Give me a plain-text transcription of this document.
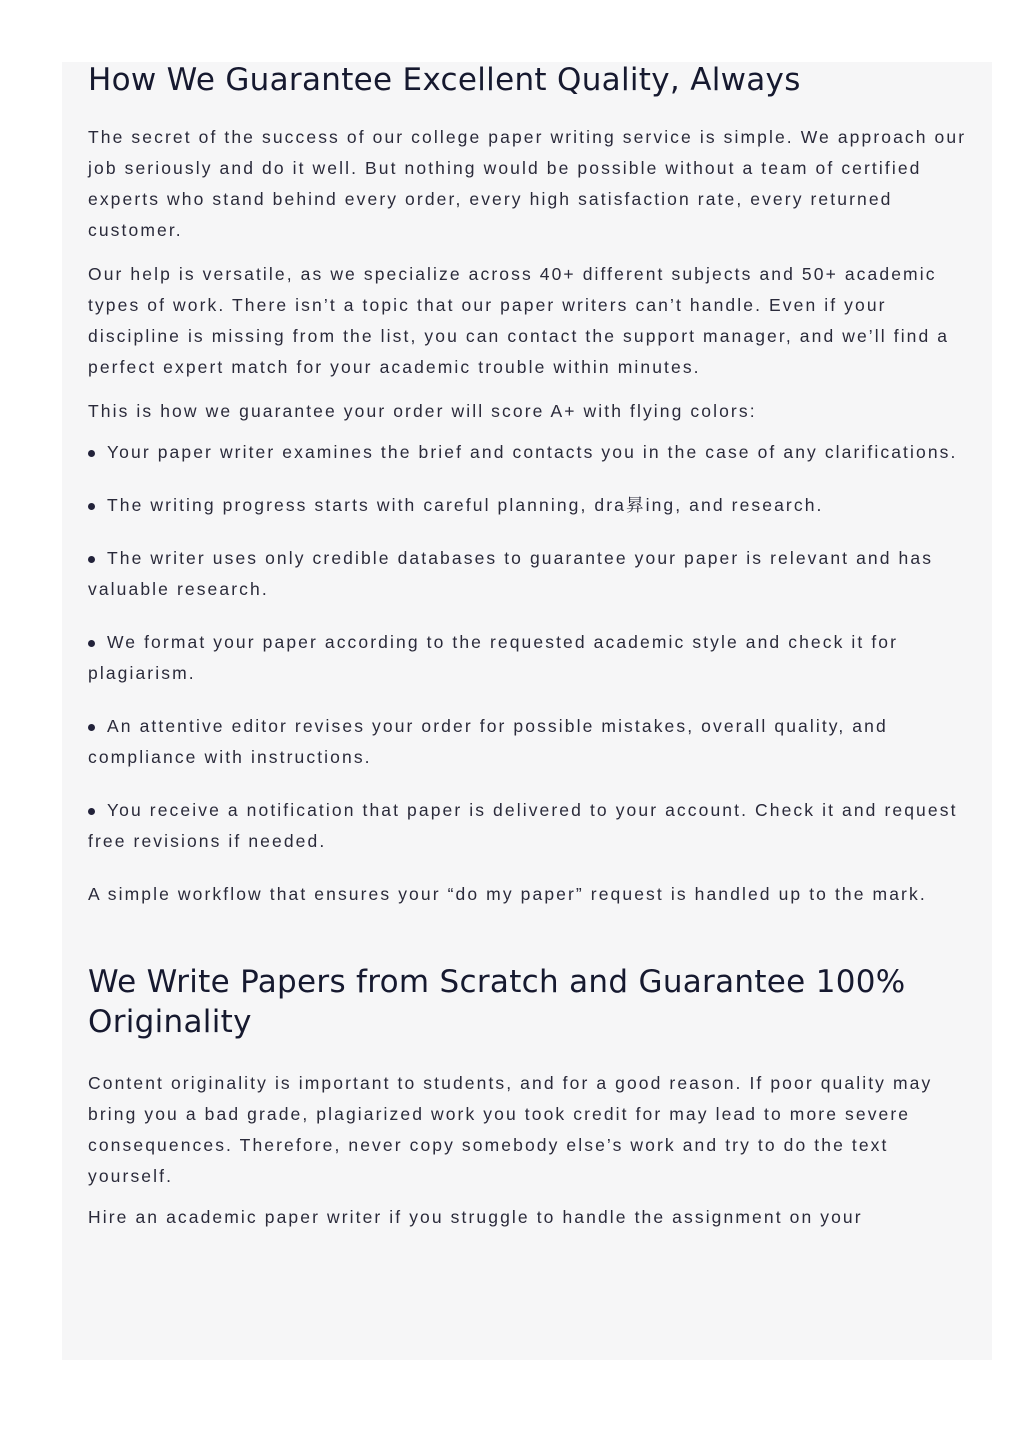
How We Guarantee Excellent Quality, Always

The secret of the success of our college paper writing service is simple. We approach our job seriously and do it well. But nothing would be possible without a team of certified experts who stand behind every order, every high satisfaction rate, every returned customer.

Our help is versatile, as we specialize across 40+ different subjects and 50+ academic types of work. There isn’t a topic that our paper writers can’t handle. Even if your discipline is missing from the list, you can contact the support manager, and we’ll find a perfect expert match for your academic trouble within minutes.

This is how we guarantee your order will score A+ with flying colors:

Your paper writer examines the brief and contacts you in the case of any clarifications.

The writing progress starts with careful planning, dra昪ing, and research.

The writer uses only credible databases to guarantee your paper is relevant and has valuable research.

We format your paper according to the requested academic style and check it for plagiarism.

An attentive editor revises your order for possible mistakes, overall quality, and compliance with instructions.

You receive a notification that paper is delivered to your account. Check it and request free revisions if needed.

A simple workflow that ensures your “do my paper” request is handled up to the mark.

We Write Papers from Scratch and Guarantee 100% Originality

Content originality is important to students, and for a good reason. If poor quality may bring you a bad grade, plagiarized work you took credit for may lead to more severe consequences. Therefore, never copy somebody else’s work and try to do the text yourself.

Hire an academic paper writer if you struggle to handle the assignment on your
